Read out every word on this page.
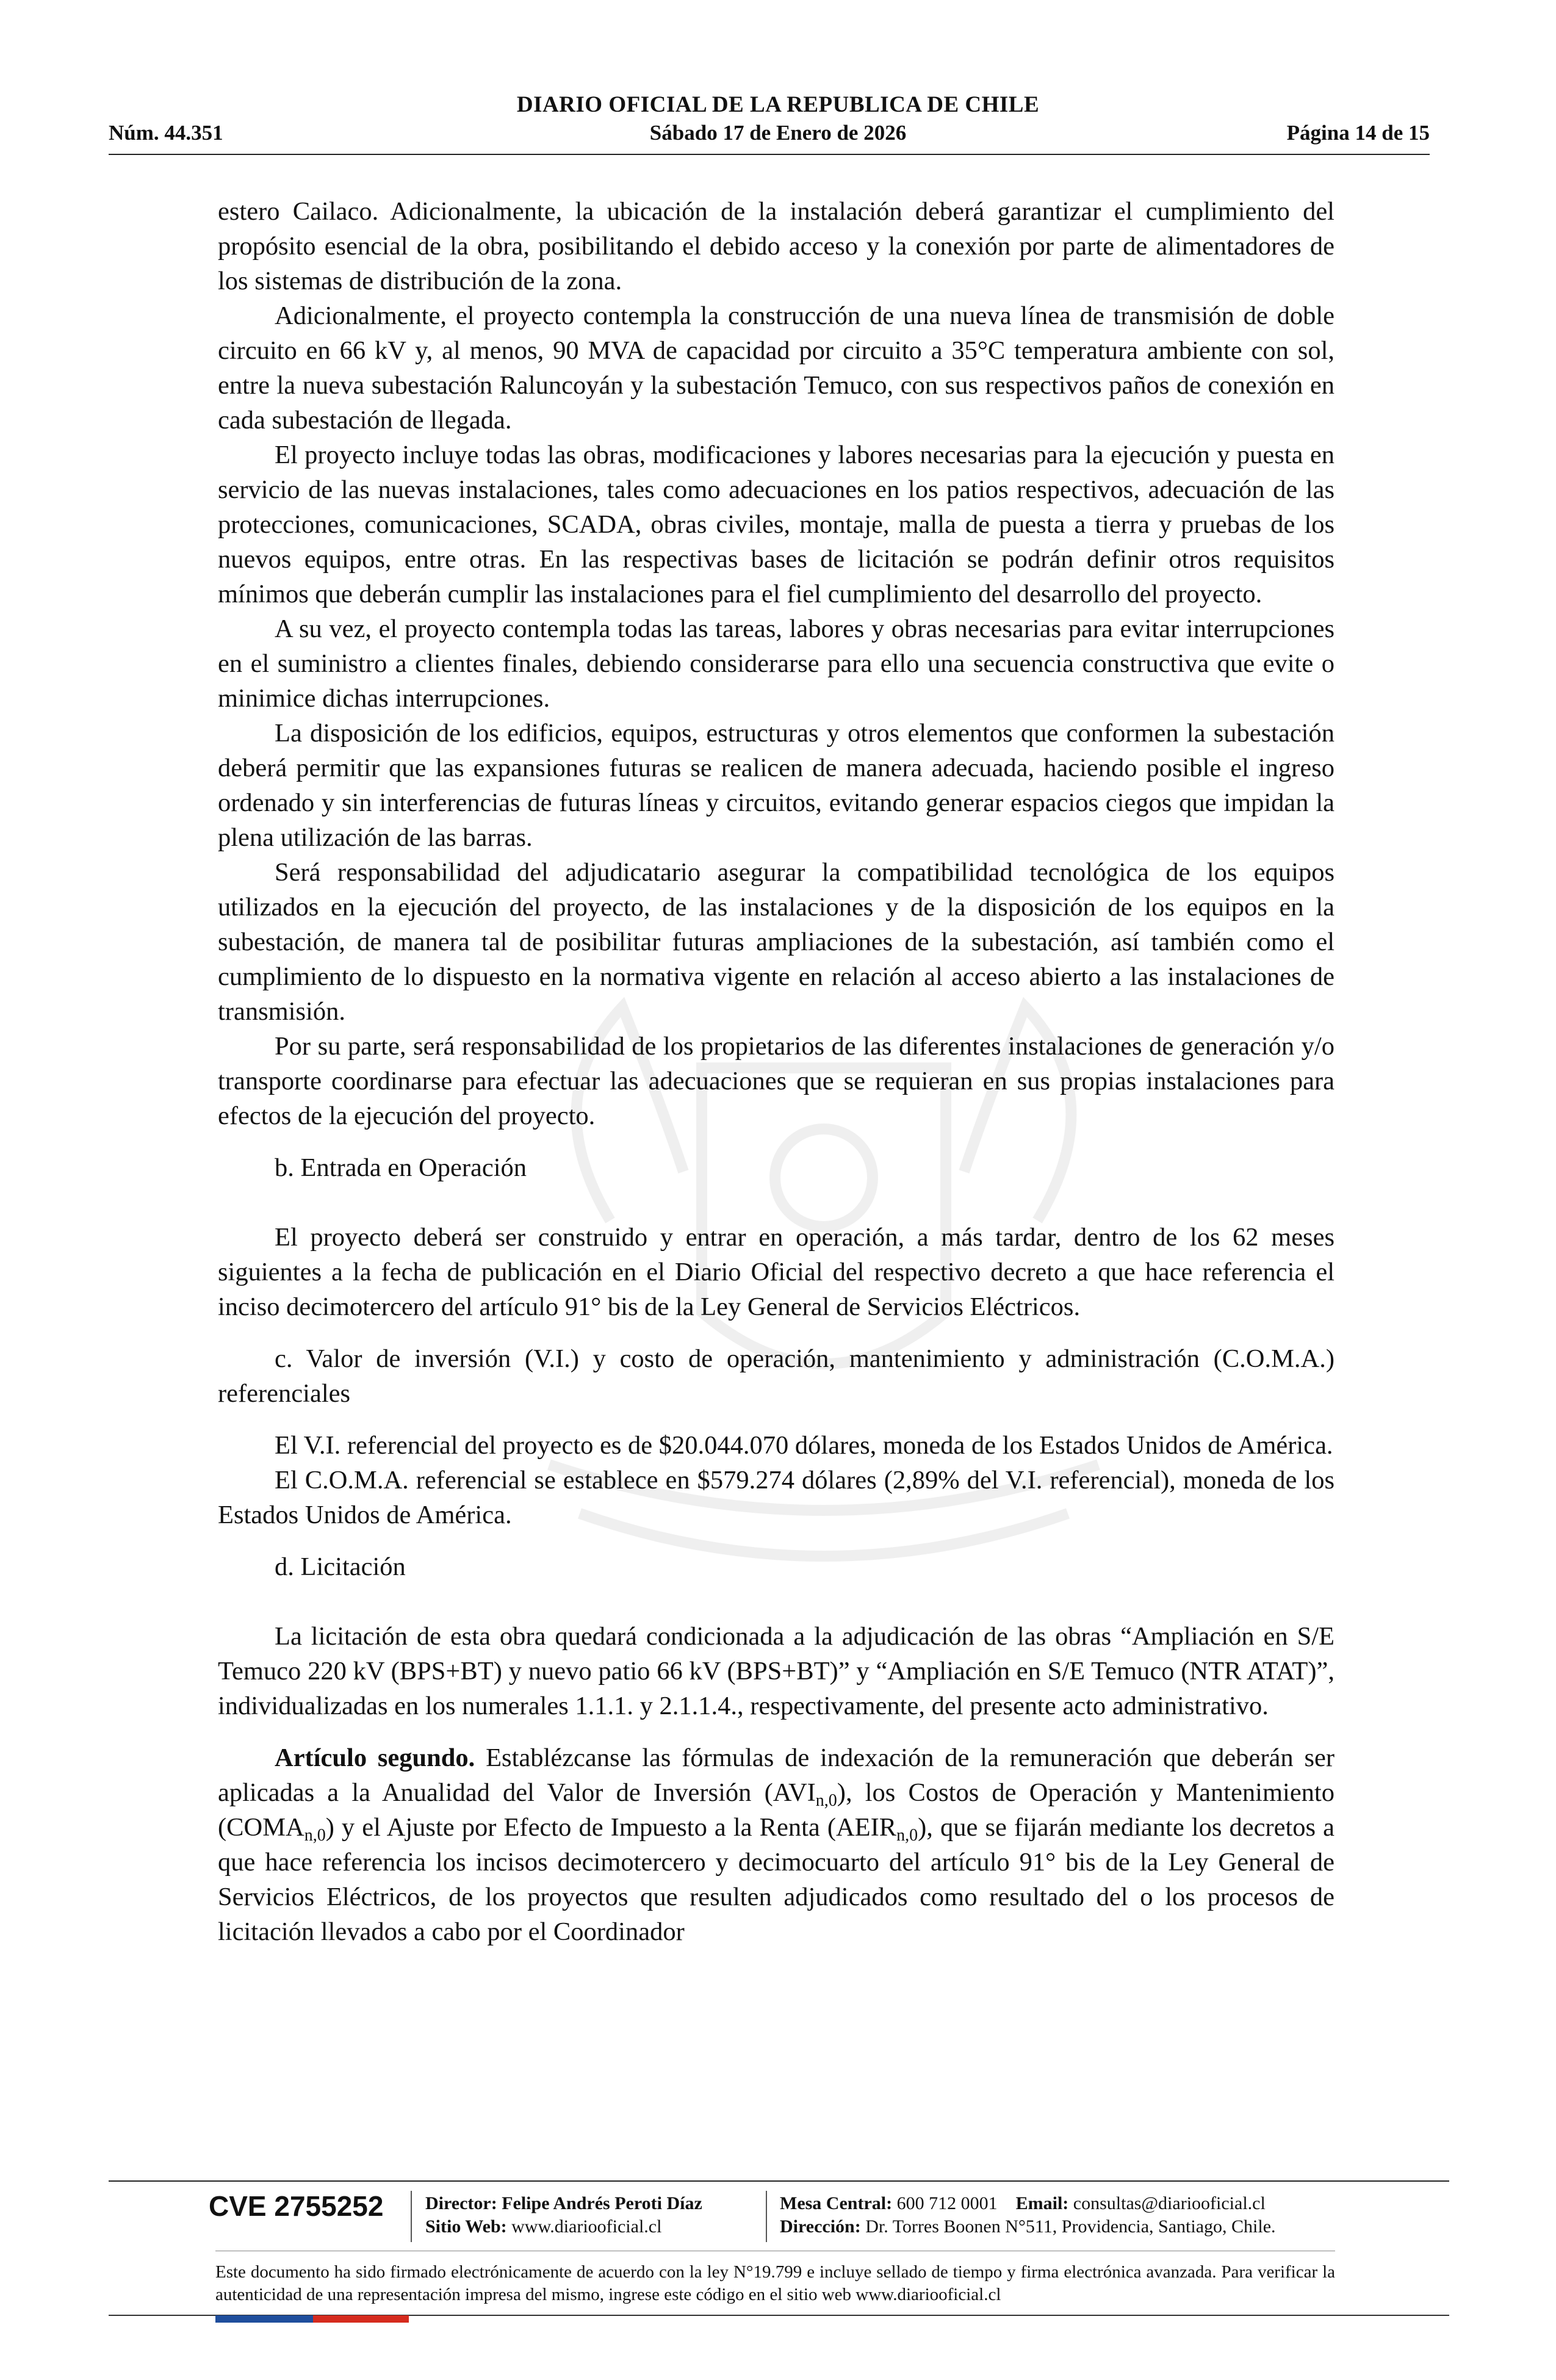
DIARIO OFICIAL DE LA REPUBLICA DE CHILE
Núm. 44.351	Sábado 17 de Enero de 2026	Página 14 de 15

estero Cailaco. Adicionalmente, la ubicación de la instalación deberá garantizar el cumplimiento del propósito esencial de la obra, posibilitando el debido acceso y la conexión por parte de alimentadores de los sistemas de distribución de la zona.

Adicionalmente, el proyecto contempla la construcción de una nueva línea de transmisión de doble circuito en 66 kV y, al menos, 90 MVA de capacidad por circuito a 35°C temperatura ambiente con sol, entre la nueva subestación Raluncoyán y la subestación Temuco, con sus respectivos paños de conexión en cada subestación de llegada.

El proyecto incluye todas las obras, modificaciones y labores necesarias para la ejecución y puesta en servicio de las nuevas instalaciones, tales como adecuaciones en los patios respectivos, adecuación de las protecciones, comunicaciones, SCADA, obras civiles, montaje, malla de puesta a tierra y pruebas de los nuevos equipos, entre otras. En las respectivas bases de licitación se podrán definir otros requisitos mínimos que deberán cumplir las instalaciones para el fiel cumplimiento del desarrollo del proyecto.

A su vez, el proyecto contempla todas las tareas, labores y obras necesarias para evitar interrupciones en el suministro a clientes finales, debiendo considerarse para ello una secuencia constructiva que evite o minimice dichas interrupciones.

La disposición de los edificios, equipos, estructuras y otros elementos que conformen la subestación deberá permitir que las expansiones futuras se realicen de manera adecuada, haciendo posible el ingreso ordenado y sin interferencias de futuras líneas y circuitos, evitando generar espacios ciegos que impidan la plena utilización de las barras.

Será responsabilidad del adjudicatario asegurar la compatibilidad tecnológica de los equipos utilizados en la ejecución del proyecto, de las instalaciones y de la disposición de los equipos en la subestación, de manera tal de posibilitar futuras ampliaciones de la subestación, así también como el cumplimiento de lo dispuesto en la normativa vigente en relación al acceso abierto a las instalaciones de transmisión.

Por su parte, será responsabilidad de los propietarios de las diferentes instalaciones de generación y/o transporte coordinarse para efectuar las adecuaciones que se requieran en sus propias instalaciones para efectos de la ejecución del proyecto.

b. Entrada en Operación

El proyecto deberá ser construido y entrar en operación, a más tardar, dentro de los 62 meses siguientes a la fecha de publicación en el Diario Oficial del respectivo decreto a que hace referencia el inciso decimotercero del artículo 91° bis de la Ley General de Servicios Eléctricos.

c. Valor de inversión (V.I.) y costo de operación, mantenimiento y administración (C.O.M.A.) referenciales

El V.I. referencial del proyecto es de $20.044.070 dólares, moneda de los Estados Unidos de América.

El C.O.M.A. referencial se establece en $579.274 dólares (2,89% del V.I. referencial), moneda de los Estados Unidos de América.

d. Licitación

La licitación de esta obra quedará condicionada a la adjudicación de las obras “Ampliación en S/E Temuco 220 kV (BPS+BT) y nuevo patio 66 kV (BPS+BT)” y “Ampliación en S/E Temuco (NTR ATAT)”, individualizadas en los numerales 1.1.1. y 2.1.1.4., respectivamente, del presente acto administrativo.

Artículo segundo. Establézcanse las fórmulas de indexación de la remuneración que deberán ser aplicadas a la Anualidad del Valor de Inversión $(AVI_{n,0})$, los Costos de Operación y Mantenimiento $(COMA_{n,0})$ y el Ajuste por Efecto de Impuesto a la Renta $(AEIR_{n,0})$, que se fijarán mediante los decretos a que hace referencia los incisos decimotercero y decimocuarto del artículo 91° bis de la Ley General de Servicios Eléctricos, de los proyectos que resulten adjudicados como resultado del o los procesos de licitación llevados a cabo por el Coordinador

CVE 2755252 Director: Felipe Andrés Peroti Díaz
Sitio Web: www.diariooficial.cl
Mesa Central: 600 712 0001 Email: consultas@diariooficial.cl
Dirección: Dr. Torres Boonen N°511, Providencia, Santiago, Chile.
Este documento ha sido firmado electrónicamente de acuerdo con la ley N°19.799 e incluye sellado de tiempo y firma electrónica avanzada. Para verificar la autenticidad de una representación impresa del mismo, ingrese este código en el sitio web www.diariooficial.cl
